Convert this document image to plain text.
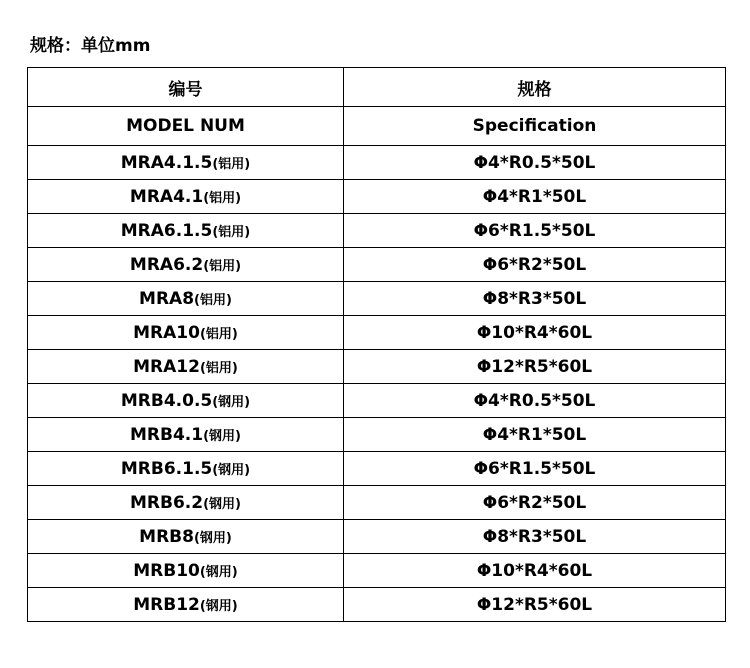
规格：单位mm
编号	规格
MODEL NUM	Specification
MRA4.1.5(铝用)	Φ4*R0.5*50L
MRA4.1(铝用)	Φ4*R1*50L
MRA6.1.5(铝用)	Φ6*R1.5*50L
MRA6.2(铝用)	Φ6*R2*50L
MRA8(铝用)	Φ8*R3*50L
MRA10(铝用)	Φ10*R4*60L
MRA12(铝用)	Φ12*R5*60L
MRB4.0.5(钢用)	Φ4*R0.5*50L
MRB4.1(钢用)	Φ4*R1*50L
MRB6.1.5(钢用)	Φ6*R1.5*50L
MRB6.2(钢用)	Φ6*R2*50L
MRB8(钢用)	Φ8*R3*50L
MRB10(钢用)	Φ10*R4*60L
MRB12(钢用)	Φ12*R5*60L
